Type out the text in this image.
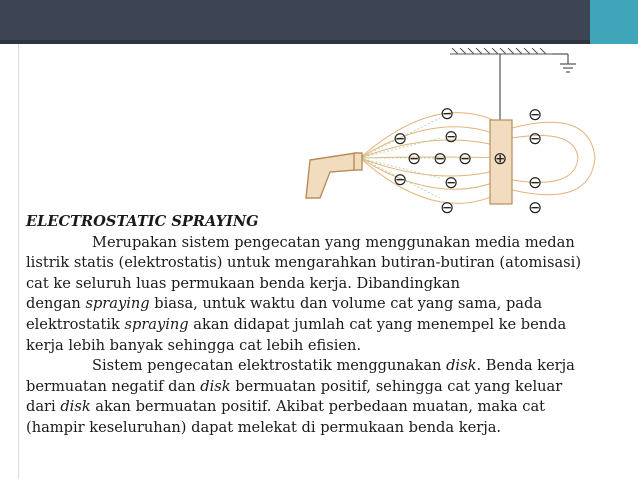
⊖
⊖
⊖
⊖ ⊖ ⊖
⊖ ⊖
⊖
⊖
⊖
⊖
⊖
⊕

ELECTROSTATIC SPRAYING

Merupakan sistem pengecatan yang menggunakan media medan

listrik statis (elektrostatis) untuk mengarahkan butiran-butiran (atomisasi)

cat ke seluruh luas permukaan benda kerja. Dibandingkan

dengan spraying biasa, untuk waktu dan volume cat yang sama, pada

elektrostatik spraying akan didapat jumlah cat yang menempel ke benda

kerja lebih banyak sehingga cat lebih efisien.

Sistem pengecatan elektrostatik menggunakan disk. Benda kerja

bermuatan negatif dan disk bermuatan positif, sehingga cat yang keluar

dari disk akan bermuatan positif. Akibat perbedaan muatan, maka cat

(hampir keseluruhan) dapat melekat di permukaan benda kerja.
